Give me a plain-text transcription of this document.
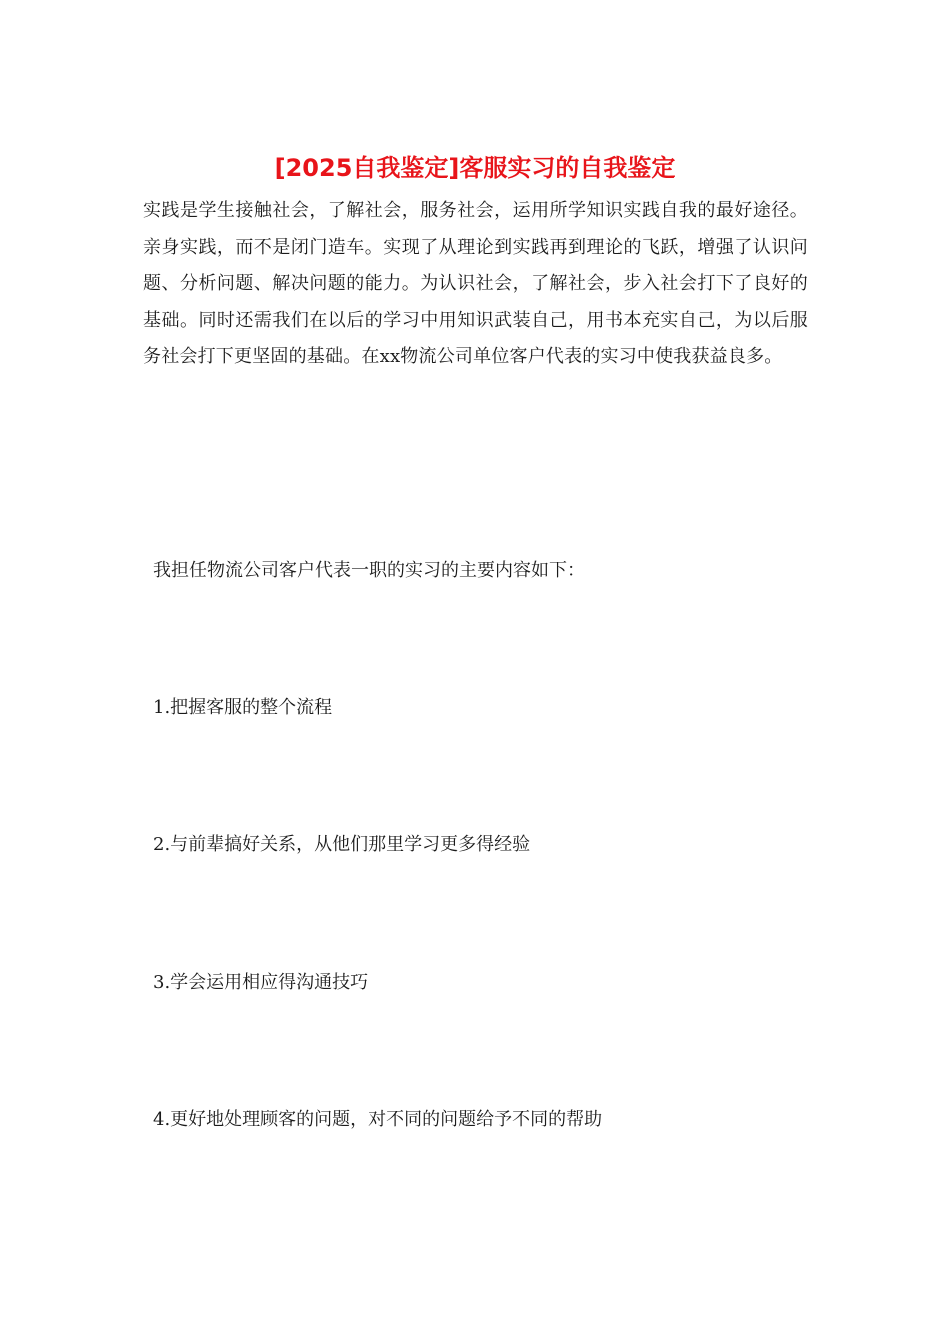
[2025自我鉴定]客服实习的自我鉴定

实践是学生接触社会，了解社会，服务社会，运用所学知识实践自我的最好途径。亲身实践，而不是闭门造车。实现了从理论到实践再到理论的飞跃，增强了认识问题、分析问题、解决问题的能力。为认识社会，了解社会，步入社会打下了良好的基础。同时还需我们在以后的学习中用知识武装自己，用书本充实自己，为以后服务社会打下更坚固的基础。在xx物流公司单位客户代表的实习中使我获益良多。

我担任物流公司客户代表一职的实习的主要内容如下：

1.把握客服的整个流程

2.与前辈搞好关系，从他们那里学习更多得经验

3.学会运用相应得沟通技巧

4.更好地处理顾客的问题，对不同的问题给予不同的帮助
